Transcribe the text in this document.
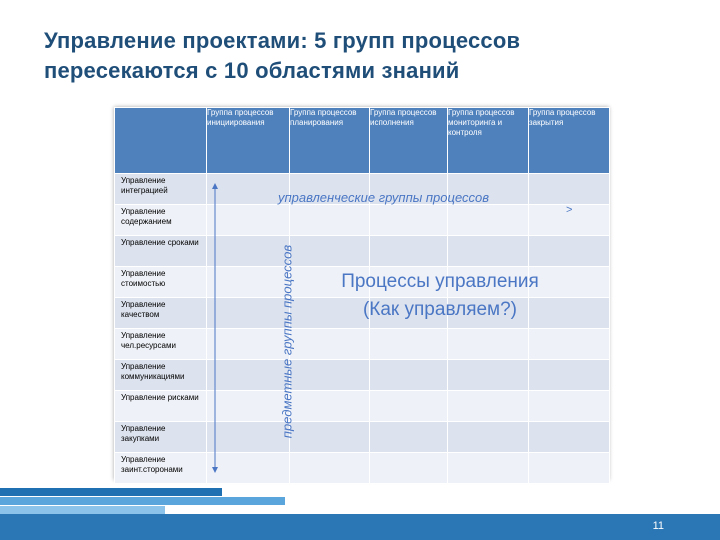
Управление проектами: 5 групп процессов
пересекаются с 10 областями знаний
	Группа процессов инициирования	Группа процессов планирования	Группа процессов исполнения	Группа процессов мониторинга и контроля	Группа процессов закрытия
Управление интеграцией					
Управление содержанием					
Управление сроками					
Управление стоимостью					
Управление качеством					
Управление чел.ресурсами					
Управление коммуникациями					
Управление рисками					
Управление закупками					
Управление заинт.сторонами					
>
управленческие группы процессов
Процессы управления
(Как управляем?)
предметные группы процессов
11
